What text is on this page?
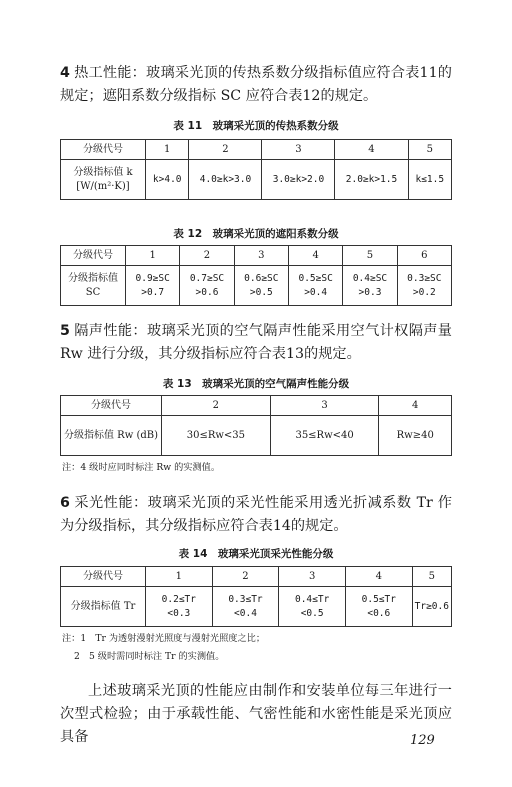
4 热工性能：玻璃采光顶的传热系数分级指标值应符合表11的规定；遮阳系数分级指标 SC 应符合表12的规定。

表 11　玻璃采光顶的传热系数分级

分级代号	1	2	3	4	5
分级指标值 k [W/(m²·K)]	k>4.0	4.0≥k>3.0	3.0≥k>2.0	2.0≥k>1.5	k≤1.5

表 12　玻璃采光顶的遮阳系数分级

分级代号	1	2	3	4	5	6
分级指标值 SC	0.9≥SC >0.7	0.7≥SC >0.6	0.6≥SC >0.5	0.5≥SC >0.4	0.4≥SC >0.3	0.3≥SC >0.2

5 隔声性能：玻璃采光顶的空气隔声性能采用空气计权隔声量 Rw 进行分级，其分级指标应符合表13的规定。

表 13　玻璃采光顶的空气隔声性能分级

分级代号	2	3	4
分级指标值 Rw (dB)	30≤Rw<35	35≤Rw<40	Rw≥40

注：4 级时应同时标注 Rw 的实测值。

6 采光性能：玻璃采光顶的采光性能采用透光折减系数 Tr 作为分级指标，其分级指标应符合表14的规定。

表 14　玻璃采光顶采光性能分级

分级代号	1	2	3	4	5
分级指标值 Tr	0.2≤Tr <0.3	0.3≤Tr <0.4	0.4≤Tr <0.5	0.5≤Tr <0.6	Tr≥0.6

注：1　Tr 为透射漫射光照度与漫射光照度之比；

2　5 级时需同时标注 Tr 的实测值。

上述玻璃采光顶的性能应由制作和安装单位每三年进行一次型式检验；由于承载性能、气密性能和水密性能是采光顶应具备	129
